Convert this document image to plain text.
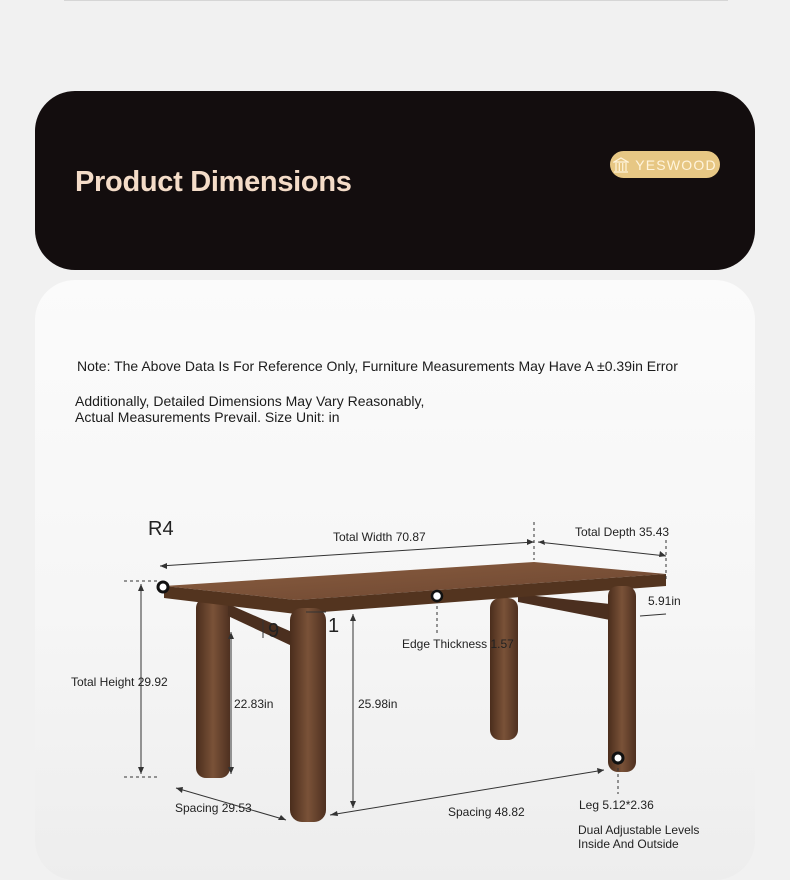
Product Dimensions
YESWOOD
Note: The Above Data Is For Reference Only, Furniture Measurements May Have A ±0.39in Error
Additionally, Detailed Dimensions May Vary Reasonably,
Actual Measurements Prevail. Size Unit: in
R4	Total Width 70.87	Total Depth 35.43
5.91in
Edge Thickness 1.57
Total Height 29.92
22.83in	25.98in
Spacing 29.53	Spacing 48.82	Leg 5.12*2.36
Dual Adjustable Levels
Inside And Outside
9 1
